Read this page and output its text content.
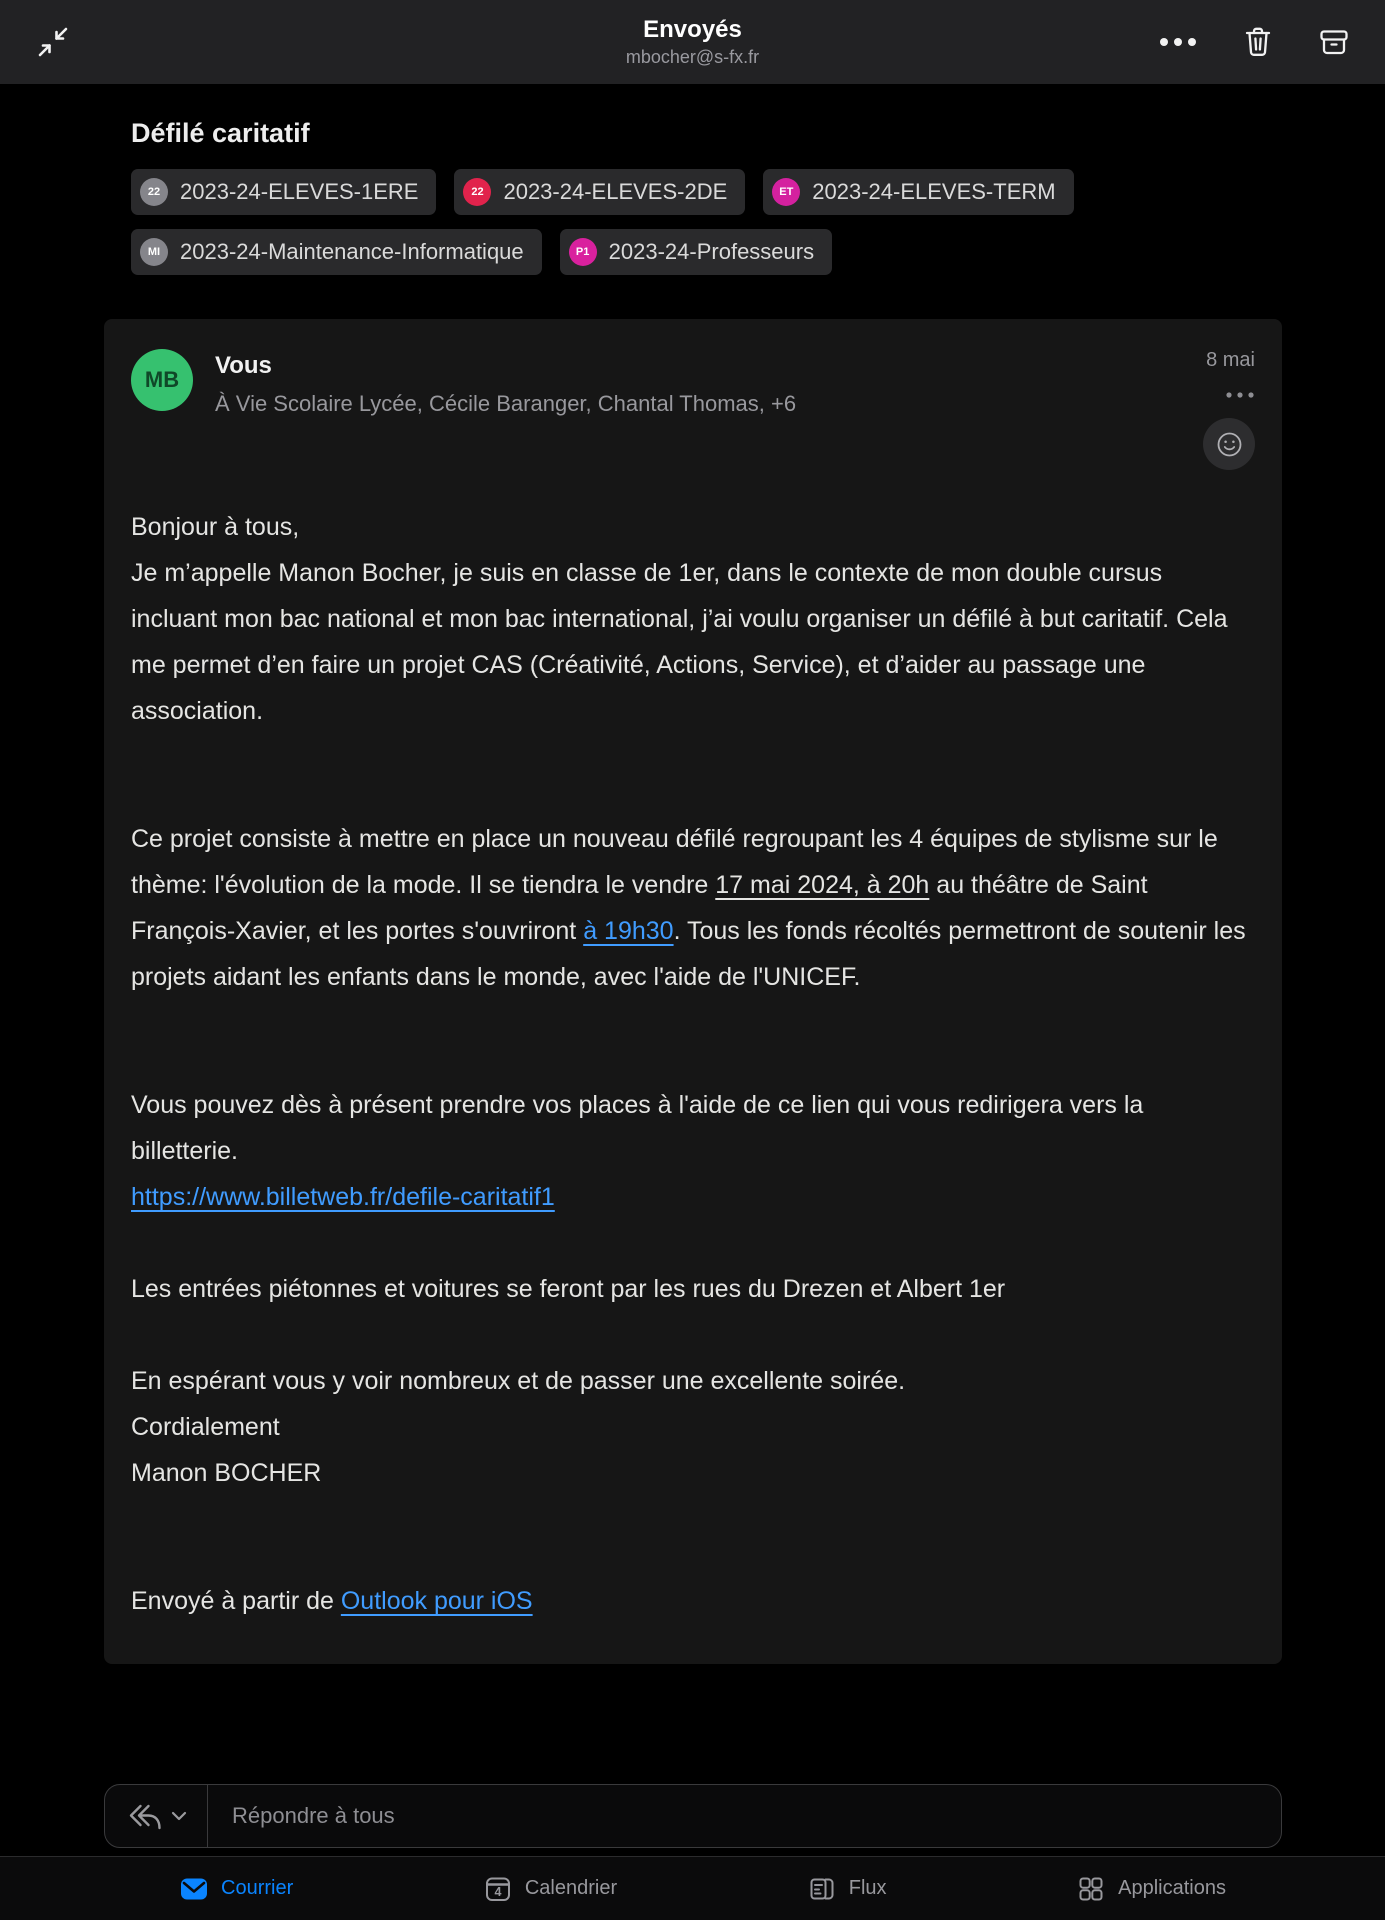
Envoyés
mbocher@s-fx.fr
Défilé caritatif
22 2023-24-ELEVES-1ERE	22 2023-24-ELEVES-2DE	ET 2023-24-ELEVES-TERM
MI 2023-24-Maintenance-Informatique	P1 2023-24-Professeurs
MB
Vous
À Vie Scolaire Lycée, Cécile Baranger, Chantal Thomas, +6
8 mai

Bonjour à tous,
Je m’appelle Manon Bocher, je suis en classe de 1er, dans le contexte de mon double cursus incluant mon bac national et mon bac international, j’ai voulu organiser un défilé à but caritatif. Cela me permet d’en faire un projet CAS (Créativité, Actions, Service), et d’aider au passage une association.

Ce projet consiste à mettre en place un nouveau défilé regroupant les 4 équipes de stylisme sur le thème: l'évolution de la mode. Il se tiendra le vendre 17 mai 2024, à 20h au théâtre de Saint François-Xavier, et les portes s'ouvriront à 19h30. Tous les fonds récoltés permettront de soutenir les projets aidant les enfants dans le monde, avec l'aide de l'UNICEF.

Vous pouvez dès à présent prendre vos places à l'aide de ce lien qui vous redirigera vers la billetterie.
https://www.billetweb.fr/defile-caritatif1

Les entrées piétonnes et voitures se feront par les rues du Drezen et Albert 1er

En espérant vous y voir nombreux et de passer une excellente soirée.
Cordialement
Manon BOCHER

Envoyé à partir de Outlook pour iOS

Répondre à tous
Courrier	4 Calendrier	Flux	Applications
